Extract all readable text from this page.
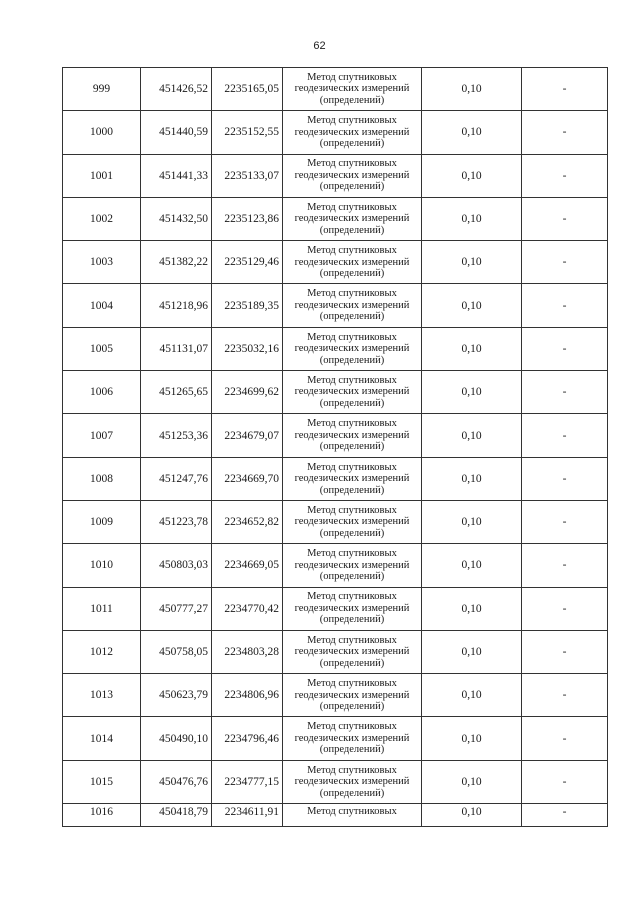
62
999	451426,52	2235165,05	Метод спутниковых геодезических измерений (определений)	0,10	-
1000	451440,59	2235152,55	Метод спутниковых геодезических измерений (определений)	0,10	-
1001	451441,33	2235133,07	Метод спутниковых геодезических измерений (определений)	0,10	-
1002	451432,50	2235123,86	Метод спутниковых геодезических измерений (определений)	0,10	-
1003	451382,22	2235129,46	Метод спутниковых геодезических измерений (определений)	0,10	-
1004	451218,96	2235189,35	Метод спутниковых геодезических измерений (определений)	0,10	-
1005	451131,07	2235032,16	Метод спутниковых геодезических измерений (определений)	0,10	-
1006	451265,65	2234699,62	Метод спутниковых геодезических измерений (определений)	0,10	-
1007	451253,36	2234679,07	Метод спутниковых геодезических измерений (определений)	0,10	-
1008	451247,76	2234669,70	Метод спутниковых геодезических измерений (определений)	0,10	-
1009	451223,78	2234652,82	Метод спутниковых геодезических измерений (определений)	0,10	-
1010	450803,03	2234669,05	Метод спутниковых геодезических измерений (определений)	0,10	-
1011	450777,27	2234770,42	Метод спутниковых геодезических измерений (определений)	0,10	-
1012	450758,05	2234803,28	Метод спутниковых геодезических измерений (определений)	0,10	-
1013	450623,79	2234806,96	Метод спутниковых геодезических измерений (определений)	0,10	-
1014	450490,10	2234796,46	Метод спутниковых геодезических измерений (определений)	0,10	-
1015	450476,76	2234777,15	Метод спутниковых геодезических измерений (определений)	0,10	-
1016	450418,79	2234611,91	Метод спутниковых	0,10	-
